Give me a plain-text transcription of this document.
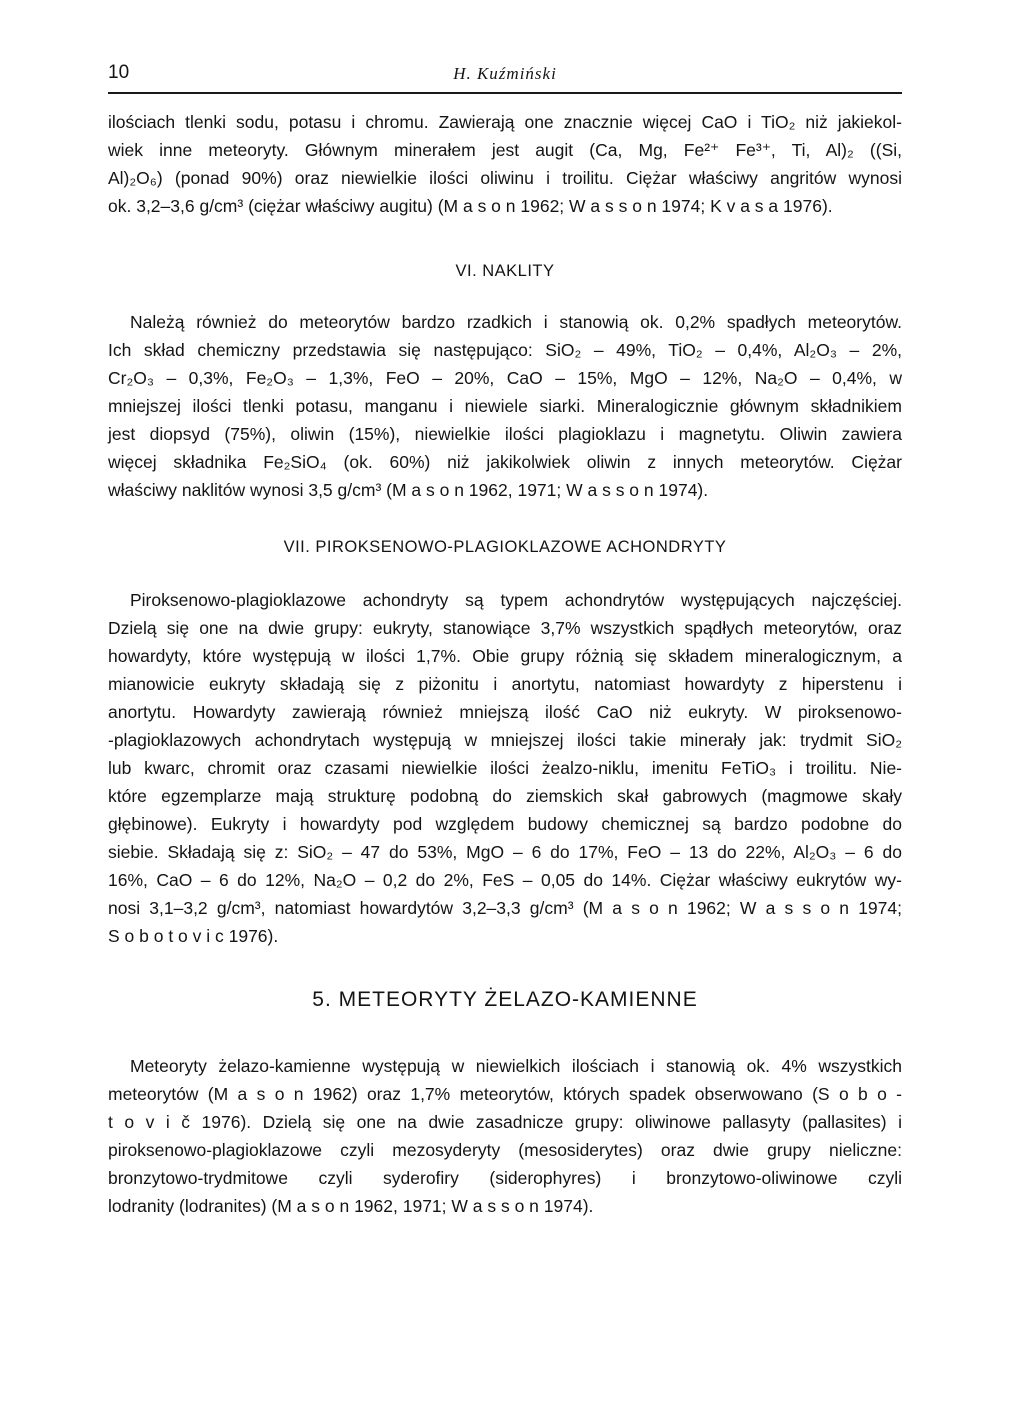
10	H. Kuźmiński
ilościach tlenki sodu, potasu i chromu. Zawierają one znacznie więcej CaO i TiO₂ niż jakiekol-
wiek inne meteoryty. Głównym minerałem jest augit (Ca, Mg, Fe²⁺ Fe³⁺, Ti, Al)₂ ((Si,
Al)₂O₆) (ponad 90%) oraz niewielkie ilości oliwinu i troilitu. Ciężar właściwy angritów wynosi
ok. 3,2–3,6 g/cm³ (ciężar właściwy augitu) (M a s o n 1962; W a s s o n 1974; K v a s a 1976).
VI. NAKLITY
Należą również do meteorytów bardzo rzadkich i stanowią ok. 0,2% spadłych meteorytów.
Ich skład chemiczny przedstawia się następująco: SiO₂ – 49%, TiO₂ – 0,4%, Al₂O₃ – 2%,
Cr₂O₃ – 0,3%, Fe₂O₃ – 1,3%, FeO – 20%, CaO – 15%, MgO – 12%, Na₂O – 0,4%, w
mniejszej ilości tlenki potasu, manganu i niewiele siarki. Mineralogicznie głównym składnikiem
jest diopsyd (75%), oliwin (15%), niewielkie ilości plagioklazu i magnetytu. Oliwin zawiera
więcej składnika Fe₂SiO₄ (ok. 60%) niż jakikolwiek oliwin z innych meteorytów. Ciężar
właściwy naklitów wynosi 3,5 g/cm³ (M a s o n 1962, 1971; W a s s o n 1974).
VII. PIROKSENOWO-PLAGIOKLAZOWE ACHONDRYTY
Piroksenowo-plagioklazowe achondryty są typem achondrytów występujących najczęściej.
Dzielą się one na dwie grupy: eukryty, stanowiące 3,7% wszystkich spądłych meteorytów, oraz
howardyty, które występują w ilości 1,7%. Obie grupy różnią się składem mineralogicznym, a
mianowicie eukryty składają się z piżonitu i anortytu, natomiast howardyty z hiperstenu i
anortytu. Howardyty zawierają również mniejszą ilość CaO niż eukryty. W piroksenowo-
-plagioklazowych achondrytach występują w mniejszej ilości takie minerały jak: trydmit SiO₂
lub kwarc, chromit oraz czasami niewielkie ilości żealzo-niklu, imenitu FeTiO₃ i troilitu. Nie-
które egzemplarze mają strukturę podobną do ziemskich skał gabrowych (magmowe skały
głębinowe). Eukryty i howardyty pod względem budowy chemicznej są bardzo podobne do
siebie. Składają się z: SiO₂ – 47 do 53%, MgO – 6 do 17%, FeO – 13 do 22%, Al₂O₃ – 6 do
16%, CaO – 6 do 12%, Na₂O – 0,2 do 2%, FeS – 0,05 do 14%. Ciężar właściwy eukrytów wy-
nosi 3,1–3,2 g/cm³, natomiast howardytów 3,2–3,3 g/cm³ (M a s o n 1962; W a s s o n 1974;
S o b o t o v i c 1976).
5. METEORYTY ŻELAZO-KAMIENNE
Meteoryty żelazo-kamienne występują w niewielkich ilościach i stanowią ok. 4% wszystkich
meteorytów (M a s o n 1962) oraz 1,7% meteorytów, których spadek obserwowano (S o b o -
t o v i č 1976). Dzielą się one na dwie zasadnicze grupy: oliwinowe pallasyty (pallasites) i
piroksenowo-plagioklazowe czyli mezosyderyty (mesosiderytes) oraz dwie grupy nieliczne:
bronzytowo-trydmitowe czyli syderofiry (siderophyres) i bronzytowo-oliwinowe czyli
lodranity (lodranites) (M a s o n 1962, 1971; W a s s o n 1974).
